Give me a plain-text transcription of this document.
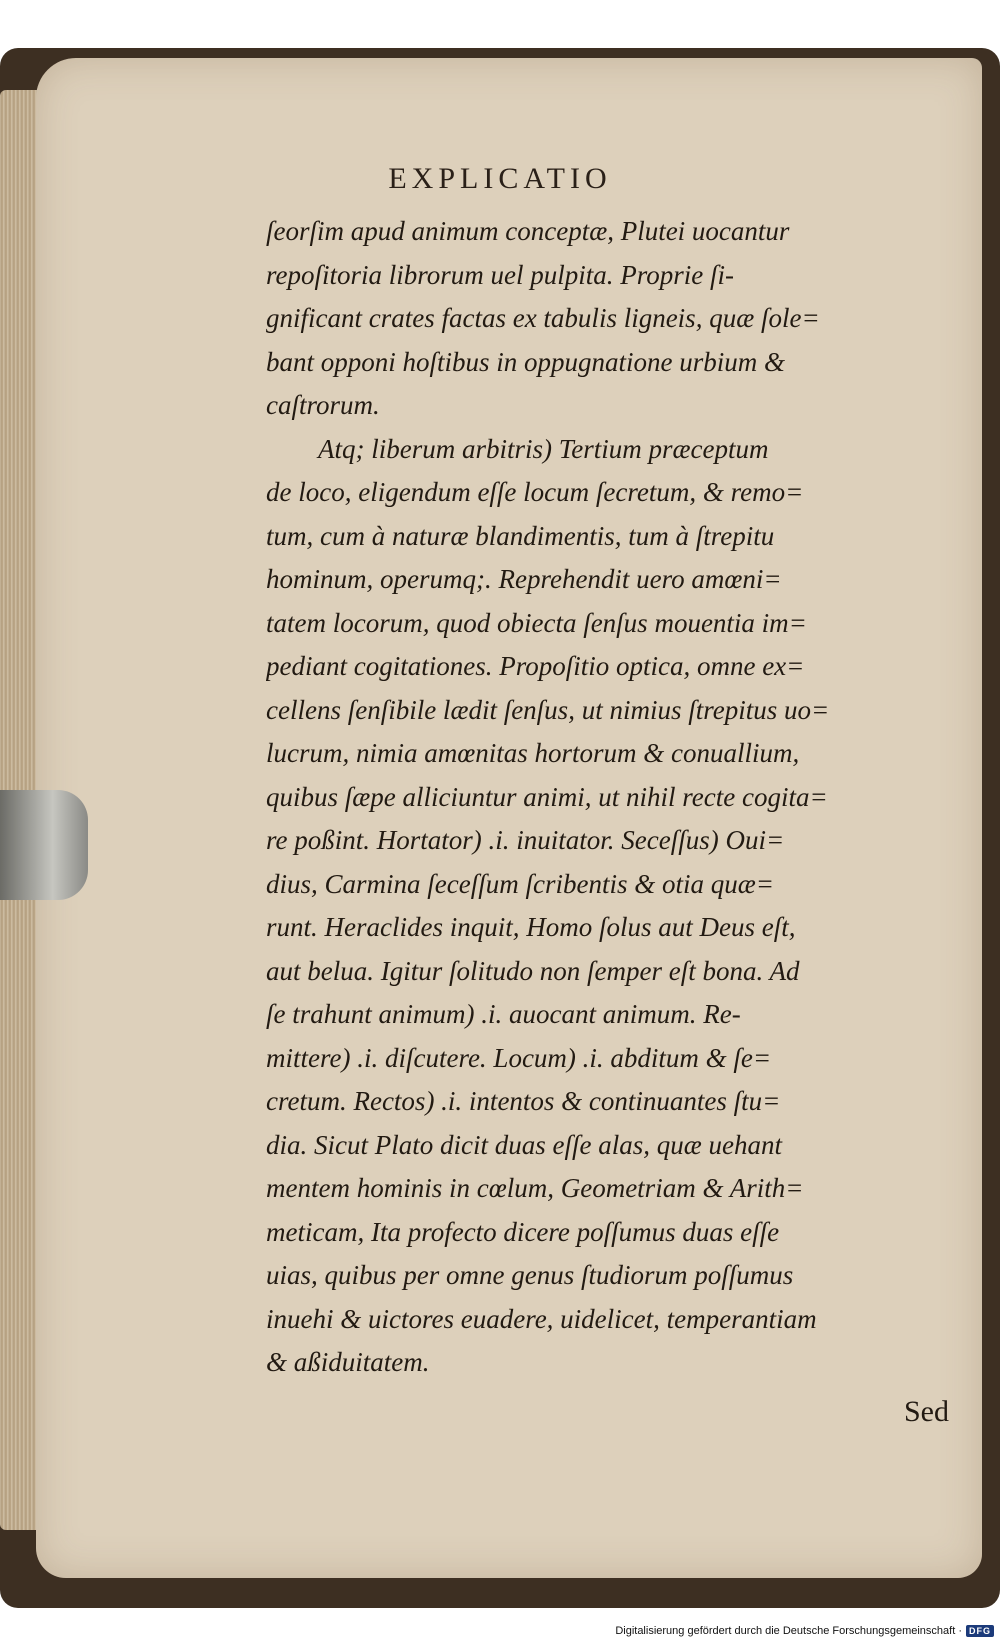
EXPLICATIO
ſeorſim apud animum conceptæ, Plutei uocantur
repoſitoria librorum uel pulpita. Proprie ſi-
gnificant crates factas ex tabulis ligneis, quæ ſole=
bant opponi hoſtibus in oppugnatione urbium &
caſtrorum.
Atq; liberum arbitris) Tertium præceptum
de loco, eligendum eſſe locum ſecretum, & remo=
tum, cum à naturæ blandimentis, tum à ſtrepitu
hominum, operumq;. Reprehendit uero amœni=
tatem locorum, quod obiecta ſenſus mouentia im=
pediant cogitationes. Propoſitio optica, omne ex=
cellens ſenſibile lædit ſenſus, ut nimius ſtrepitus uo=
lucrum, nimia amœnitas hortorum & conuallium,
quibus ſæpe alliciuntur animi, ut nihil recte cogita=
re poßint. Hortator) .i. inuitator. Seceſſus) Oui=
dius, Carmina ſeceſſum ſcribentis & otia quæ=
runt. Heraclides inquit, Homo ſolus aut Deus eſt,
aut belua. Igitur ſolitudo non ſemper eſt bona. Ad
ſe trahunt animum) .i. auocant animum. Re-
mittere) .i. diſcutere. Locum) .i. abditum & ſe=
cretum. Rectos) .i. intentos & continuantes ſtu=
dia. Sicut Plato dicit duas eſſe alas, quæ uehant
mentem hominis in cœlum, Geometriam & Arith=
meticam, Ita profecto dicere poſſumus duas eſſe
uias, quibus per omne genus ſtudiorum poſſumus
inuehi & uictores euadere, uidelicet, temperantiam
& aßiduitatem.
Sed
Digitalisierung gefördert durch die Deutsche Forschungsgemeinschaft · DFG
